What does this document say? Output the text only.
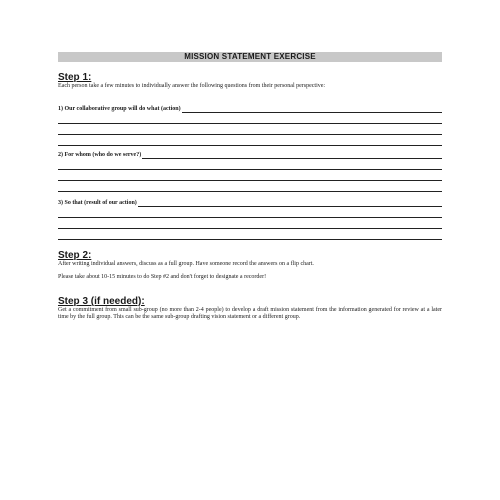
MISSION STATEMENT EXERCISE
Step 1:
Each person take a few minutes to individually answer the following questions from their personal perspective:
1) Our collaborative group will do what (action)
2) For whom (who do we serve?)
3) So that (result of our action)
Step 2:
After writing individual answers, discuss as a full group. Have someone record the answers on a flip chart.
Please take about 10-15 minutes to do Step #2 and don't forget to designate a recorder!
Step 3 (if needed):
Get a commitment from small sub-group (no more than 2-4 people) to develop a draft mission statement from the information generated for review at a later time by the full group. This can be the same sub-group drafting vision statement or a different group.
